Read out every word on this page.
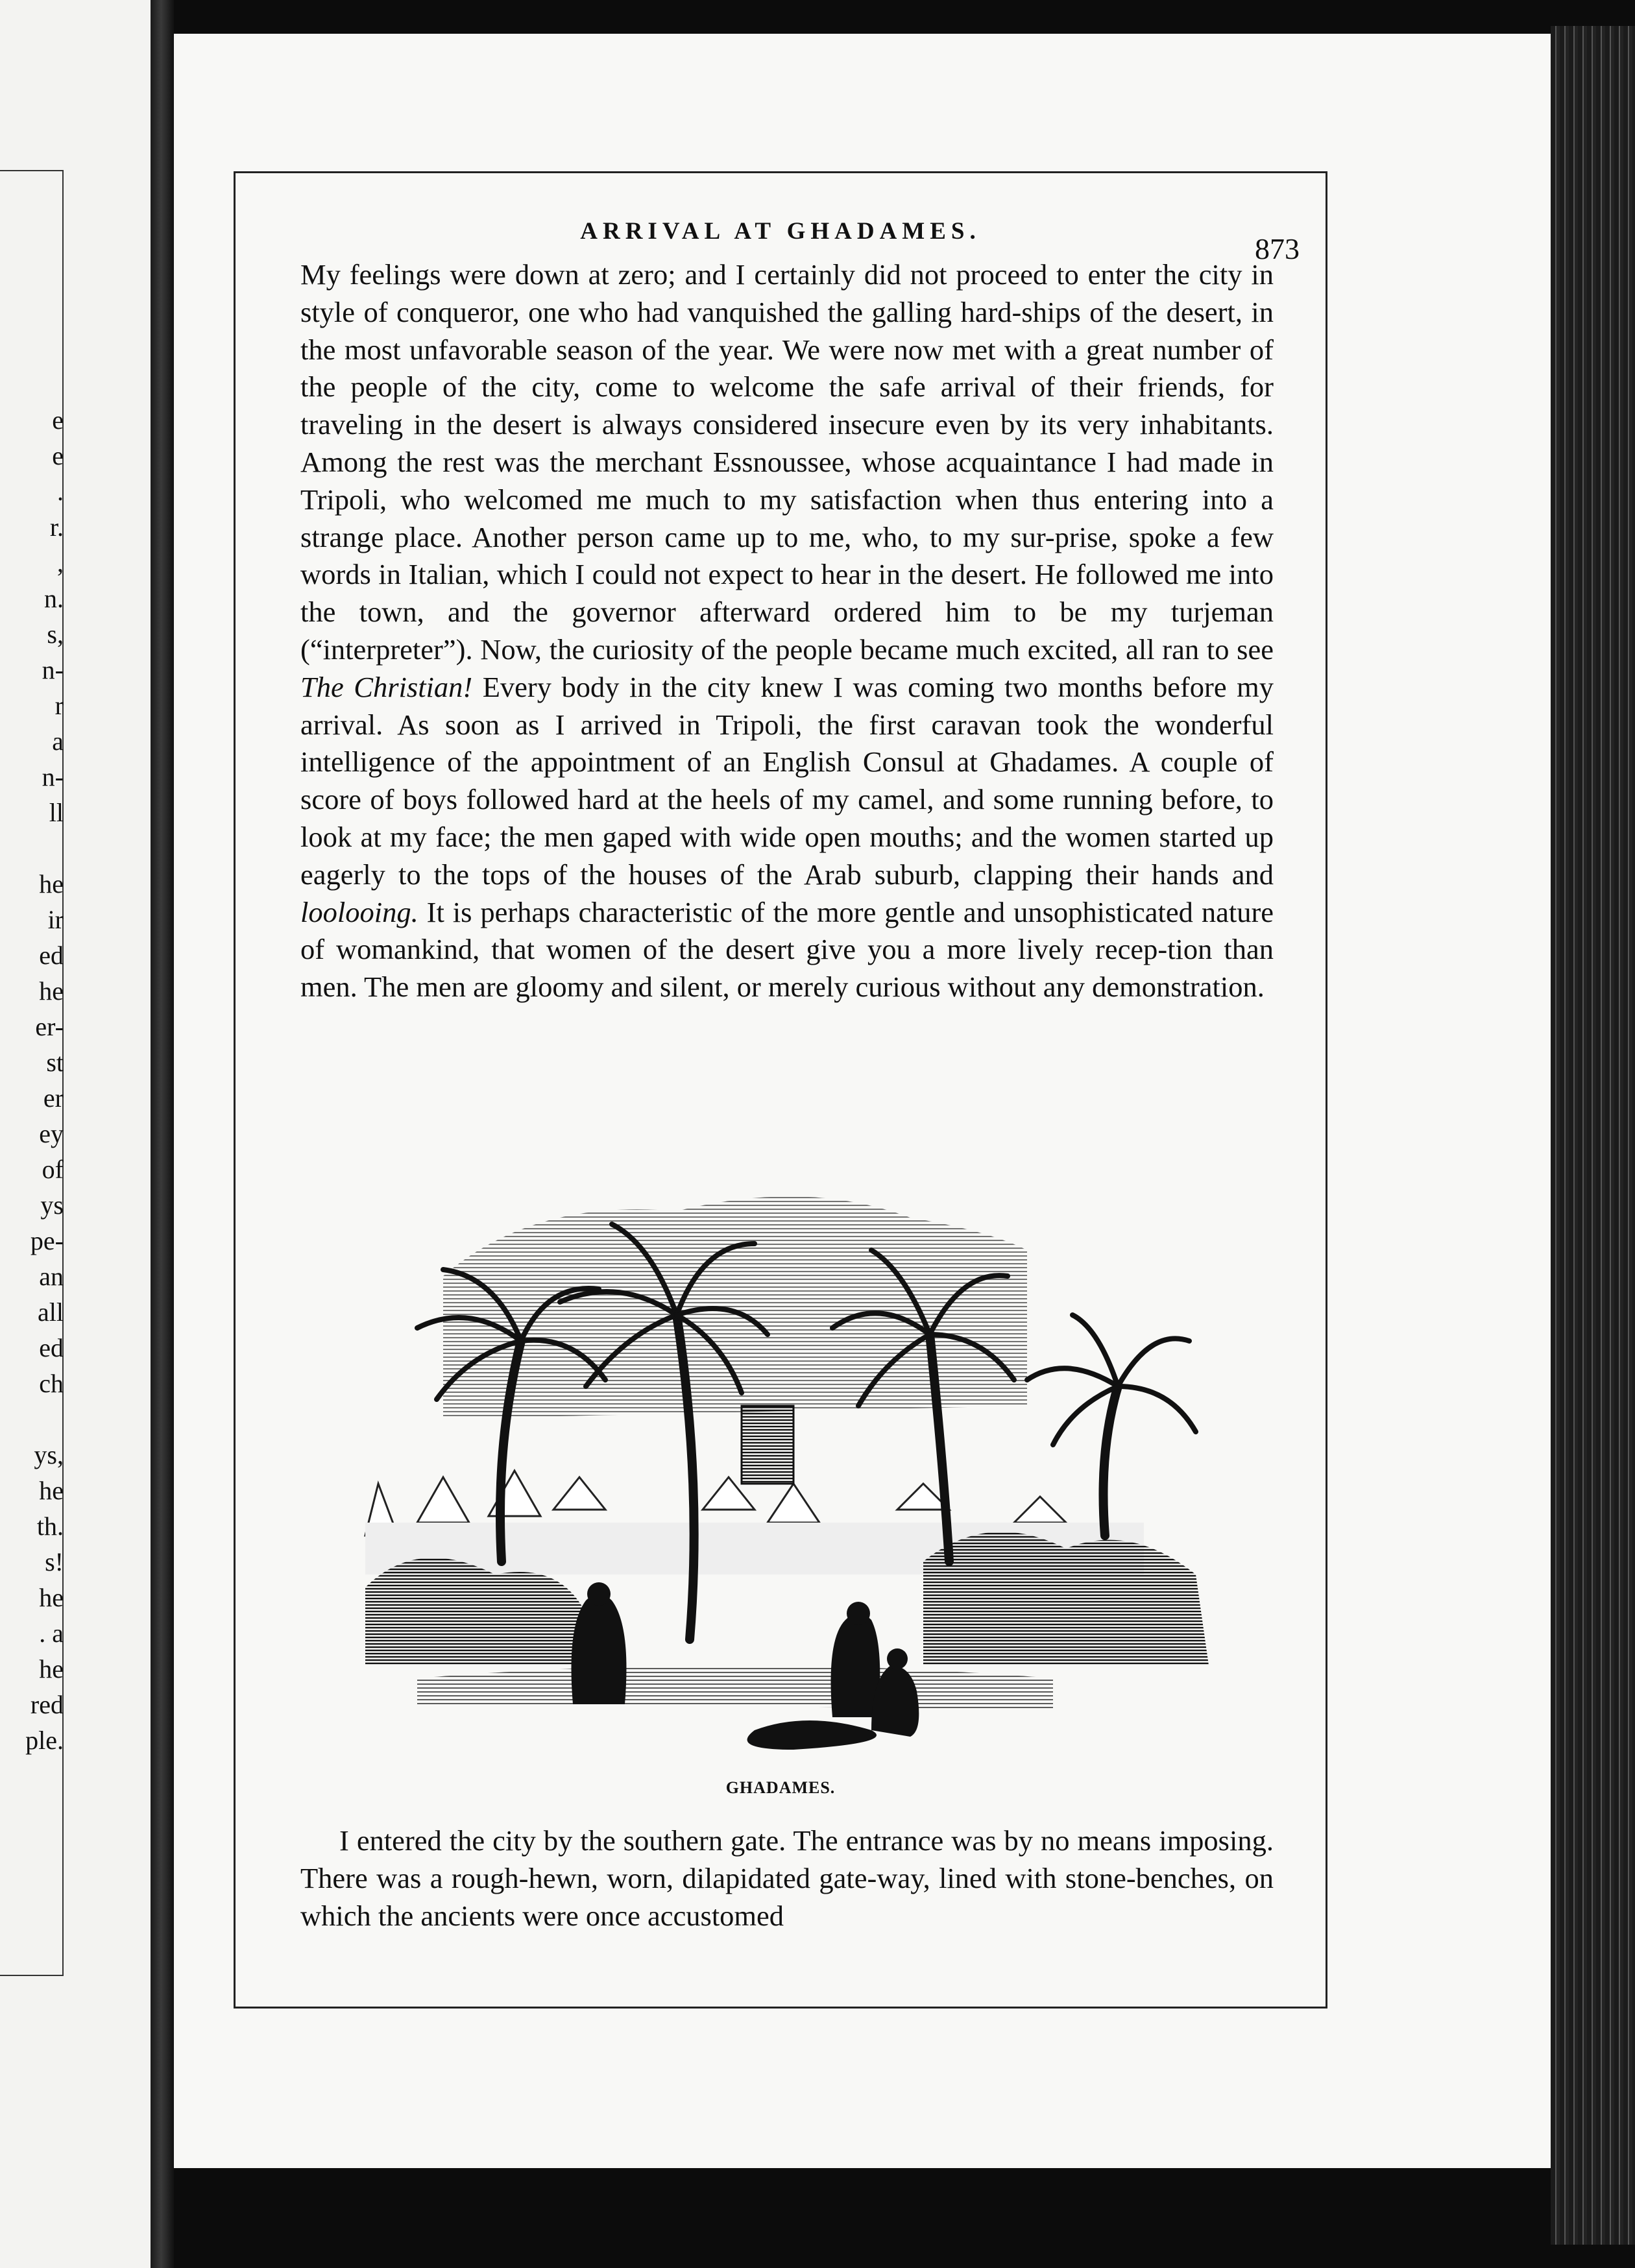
e
e
.
r.
,
n.
s,
n-
r
a
n-
ll
he
ir
ed
he
er-
st
er
ey
of
ys
pe-
an
all
ed
ch
ys,
he
th.
s!
he
. a
he
red
ple.
ARRIVAL AT GHADAMES.
873
My feelings were down at zero; and I certainly did not proceed to enter the city in style of conqueror, one who had vanquished the galling hard-ships of the desert, in the most unfavorable season of the year. We were now met with a great number of the people of the city, come to welcome the safe arrival of their friends, for traveling in the desert is always considered insecure even by its very inhabitants. Among the rest was the merchant Essnoussee, whose acquaintance I had made in Tripoli, who welcomed me much to my satisfaction when thus entering into a strange place. Another person came up to me, who, to my sur-prise, spoke a few words in Italian, which I could not expect to hear in the desert. He followed me into the town, and the governor afterward ordered him to be my turjeman (“interpreter”). Now, the curiosity of the people became much excited, all ran to see The Christian! Every body in the city knew I was coming two months before my arrival. As soon as I arrived in Tripoli, the first caravan took the wonderful intelligence of the appointment of an English Consul at Ghadames. A couple of score of boys followed hard at the heels of my camel, and some running before, to look at my face; the men gaped with wide open mouths; and the women started up eagerly to the tops of the houses of the Arab suburb, clapping their hands and loolooing. It is perhaps characteristic of the more gentle and unsophisticated nature of womankind, that women of the desert give you a more lively recep-tion than men. The men are gloomy and silent, or merely curious without any demonstration.
GHADAMES.
I entered the city by the southern gate. The entrance was by no means imposing. There was a rough-hewn, worn, dilapidated gate-way, lined with stone-benches, on which the ancients were once accustomed
